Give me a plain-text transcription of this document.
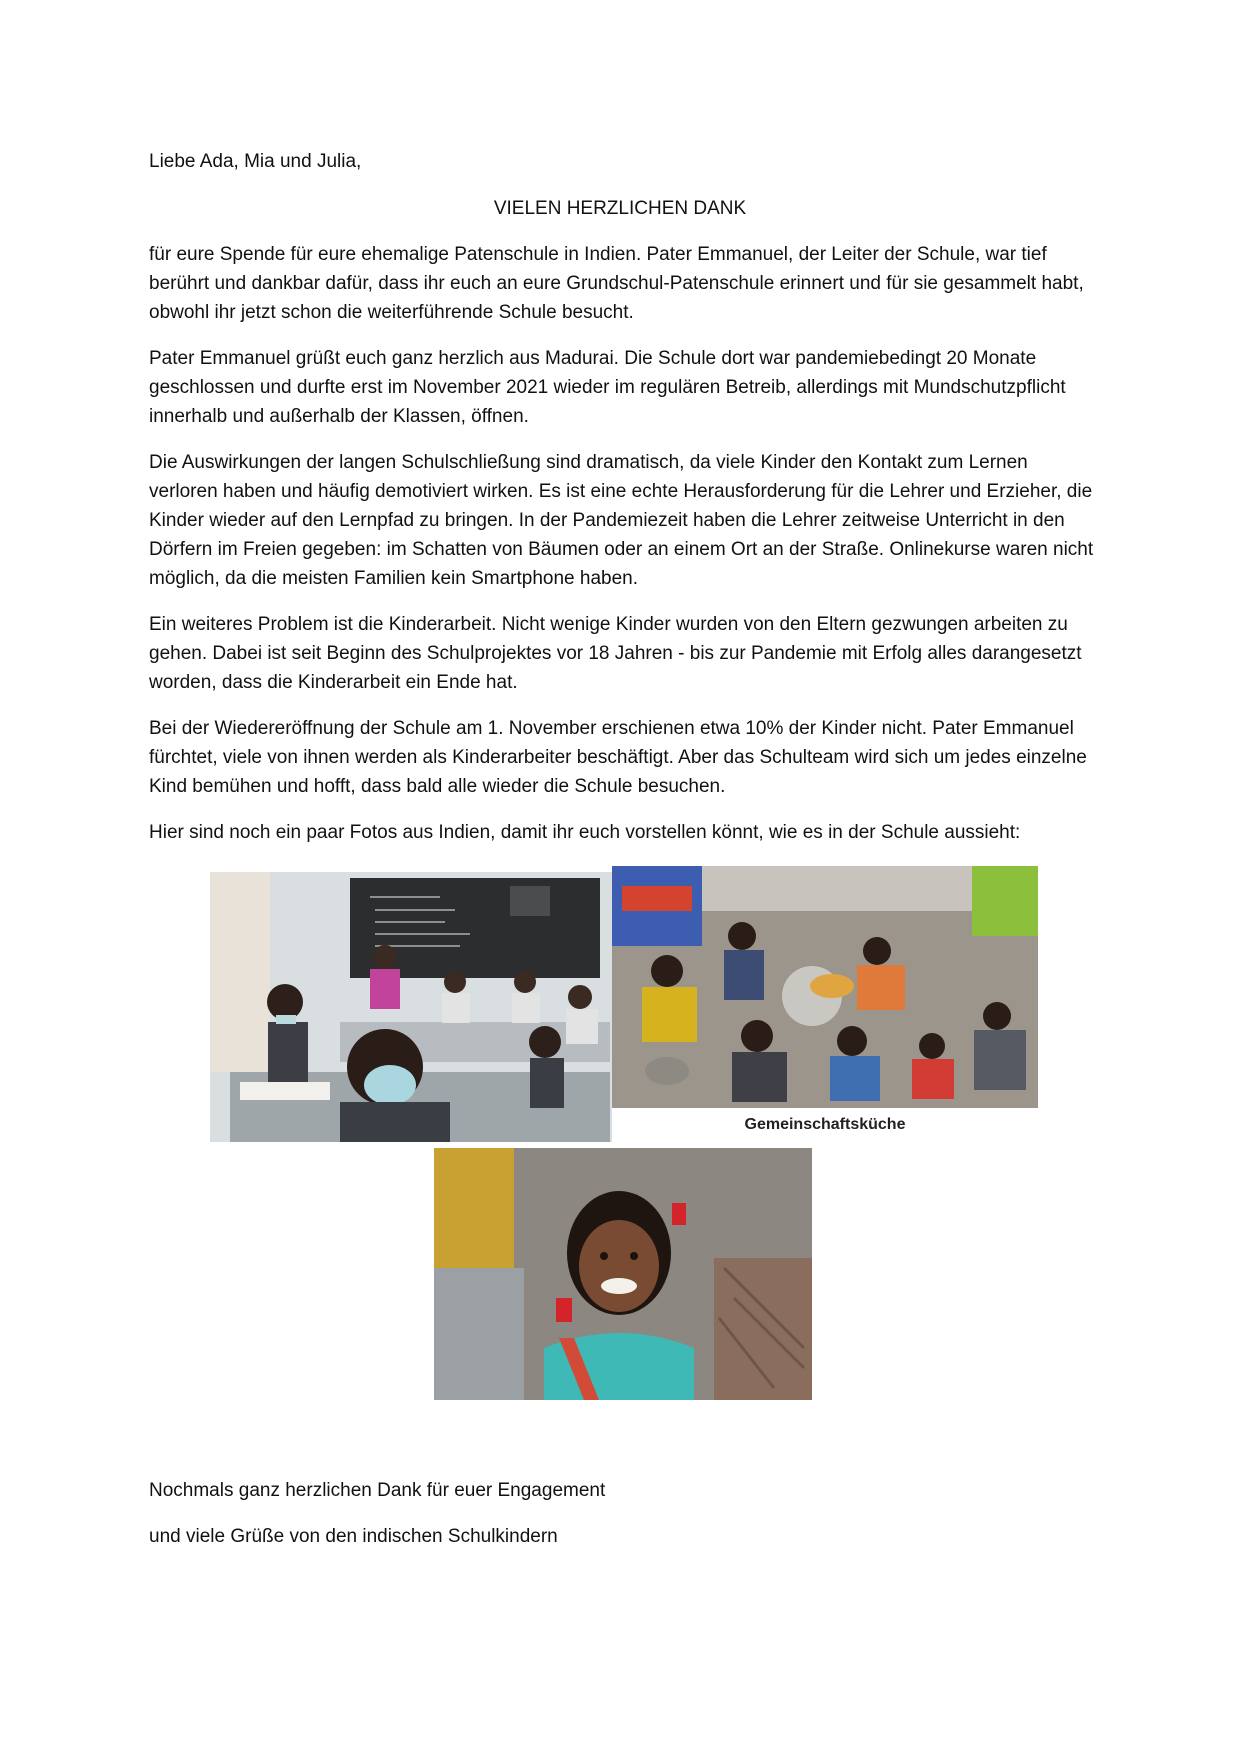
Liebe Ada, Mia und Julia,

VIELEN HERZLICHEN DANK

für eure Spende für eure ehemalige Patenschule in Indien. Pater Emmanuel, der Leiter der Schule, war tief berührt und dankbar dafür, dass ihr euch an eure Grundschul-Patenschule erinnert und für sie gesammelt habt, obwohl ihr jetzt schon die weiterführende Schule besucht.

Pater Emmanuel grüßt euch ganz herzlich aus Madurai. Die Schule dort war pandemiebedingt 20 Monate geschlossen und durfte erst im November 2021 wieder im regulären Betreib, allerdings mit Mundschutzpflicht innerhalb und außerhalb der Klassen, öffnen.

Die Auswirkungen der langen Schulschließung sind dramatisch, da viele Kinder den Kontakt zum Lernen verloren haben und häufig demotiviert wirken. Es ist eine echte Herausforderung für die Lehrer und Erzieher, die Kinder wieder auf den Lernpfad zu bringen. In der Pandemiezeit haben die Lehrer zeitweise Unterricht in den Dörfern im Freien gegeben: im Schatten von Bäumen oder an einem Ort an der Straße. Onlinekurse waren nicht möglich, da die meisten Familien kein Smartphone haben.

Ein weiteres Problem ist die Kinderarbeit. Nicht wenige Kinder wurden von den Eltern gezwungen arbeiten zu gehen. Dabei ist seit Beginn des Schulprojektes vor 18 Jahren - bis zur Pandemie mit Erfolg alles darangesetzt worden, dass die Kinderarbeit ein Ende hat.

Bei der Wiedereröffnung der Schule am 1. November erschienen etwa 10% der Kinder nicht. Pater Emmanuel fürchtet, viele von ihnen werden als Kinderarbeiter beschäftigt. Aber das Schulteam wird sich um jedes einzelne Kind bemühen und hofft, dass bald alle wieder die Schule besuchen.

Hier sind noch ein paar Fotos aus Indien, damit ihr euch vorstellen könnt, wie es in der Schule aussieht:

Gemeinschaftsküche

Nochmals ganz herzlichen Dank für euer Engagement

und viele Grüße von den indischen Schulkindern
